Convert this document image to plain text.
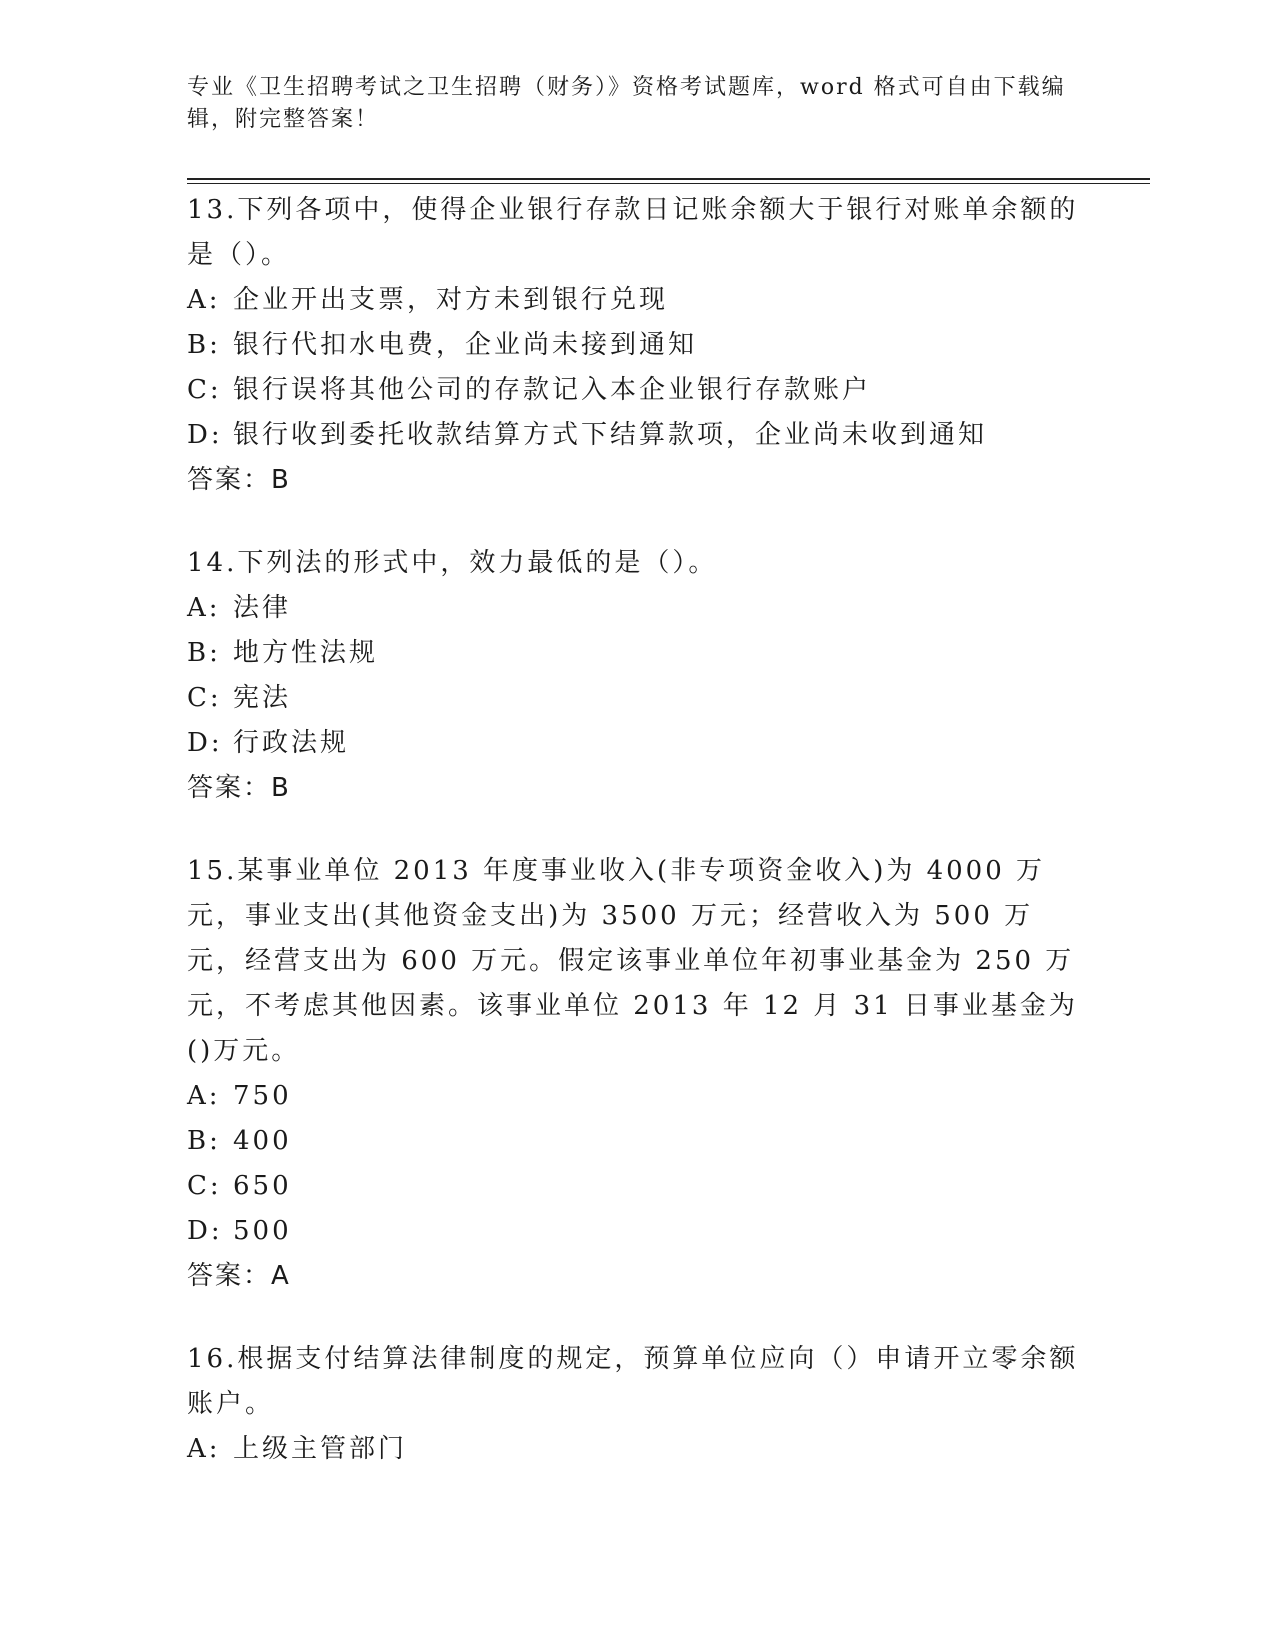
专业《卫生招聘考试之卫生招聘（财务）》资格考试题库，word 格式可自由下载编辑，附完整答案！

13.下列各项中，使得企业银行存款日记账余额大于银行对账单余额的是（）。

A: 企业开出支票，对方未到银行兑现

B: 银行代扣水电费，企业尚未接到通知

C: 银行误将其他公司的存款记入本企业银行存款账户

D: 银行收到委托收款结算方式下结算款项，企业尚未收到通知

答案：B

14.下列法的形式中，效力最低的是（）。

A: 法律

B: 地方性法规

C: 宪法

D: 行政法规

答案：B

15.某事业单位 2013 年度事业收入(非专项资金收入)为 4000 万元，事业支出(其他资金支出)为 3500 万元；经营收入为 500 万元，经营支出为 600 万元。假定该事业单位年初事业基金为 250 万元，不考虑其他因素。该事业单位 2013 年 12 月 31 日事业基金为()万元。

A: 750

B: 400

C: 650

D: 500

答案：A

16.根据支付结算法律制度的规定，预算单位应向（）申请开立零余额账户。

A: 上级主管部门
